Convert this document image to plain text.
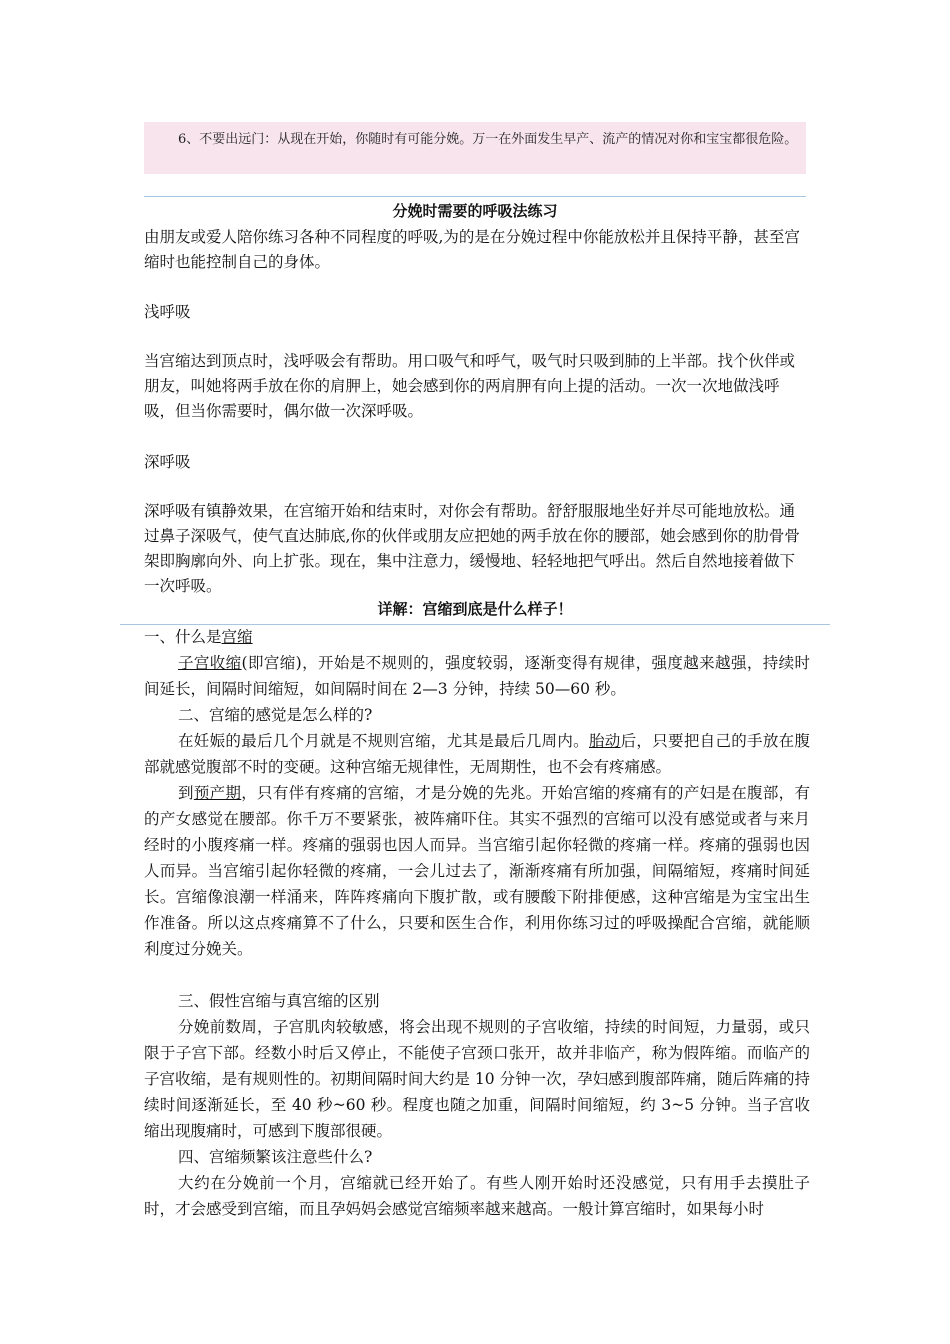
6、不要出远门：从现在开始，你随时有可能分娩。万一在外面发生早产、流产的情况对你和宝宝都很危险。
分娩时需要的呼吸法练习

由朋友或爱人陪你练习各种不同程度的呼吸,为的是在分娩过程中你能放松并且保持平静，甚至宫缩时也能控制自己的身体。

浅呼吸

当宫缩达到顶点时，浅呼吸会有帮助。用口吸气和呼气，吸气时只吸到肺的上半部。找个伙伴或朋友，叫她将两手放在你的肩胛上，她会感到你的两肩胛有向上提的活动。一次一次地做浅呼吸，但当你需要时，偶尔做一次深呼吸。

深呼吸

深呼吸有镇静效果，在宫缩开始和结束时，对你会有帮助。舒舒服服地坐好并尽可能地放松。通过鼻子深吸气，使气直达肺底,你的伙伴或朋友应把她的两手放在你的腰部，她会感到你的肋骨骨架即胸廓向外、向上扩张。现在，集中注意力，缓慢地、轻轻地把气呼出。然后自然地接着做下一次呼吸。

详解：宫缩到底是什么样子！

一、什么是宫缩

子宫收缩(即宫缩)，开始是不规则的，强度较弱，逐渐变得有规律，强度越来越强，持续时间延长，间隔时间缩短，如间隔时间在 2—3 分钟，持续 50—60 秒。

二、宫缩的感觉是怎么样的?

在妊娠的最后几个月就是不规则宫缩，尤其是最后几周内。胎动后，只要把自己的手放在腹部就感觉腹部不时的变硬。这种宫缩无规律性，无周期性，也不会有疼痛感。

到预产期，只有伴有疼痛的宫缩，才是分娩的先兆。开始宫缩的疼痛有的产妇是在腹部，有的产女感觉在腰部。你千万不要紧张，被阵痛吓住。其实不强烈的宫缩可以没有感觉或者与来月经时的小腹疼痛一样。疼痛的强弱也因人而异。当宫缩引起你轻微的疼痛一样。疼痛的强弱也因人而异。当宫缩引起你轻微的疼痛，一会儿过去了，渐渐疼痛有所加强，间隔缩短，疼痛时间延长。宫缩像浪潮一样涌来，阵阵疼痛向下腹扩散，或有腰酸下附排便感，这种宫缩是为宝宝出生作准备。所以这点疼痛算不了什么，只要和医生合作，利用你练习过的呼吸操配合宫缩，就能顺利度过分娩关。

三、假性宫缩与真宫缩的区别

分娩前数周，子宫肌肉较敏感，将会出现不规则的子宫收缩，持续的时间短，力量弱，或只限于子宫下部。经数小时后又停止，不能使子宫颈口张开，故并非临产，称为假阵缩。而临产的子宫收缩，是有规则性的。初期间隔时间大约是 10 分钟一次，孕妇感到腹部阵痛，随后阵痛的持续时间逐渐延长，至 40 秒~60 秒。程度也随之加重，间隔时间缩短，约 3~5 分钟。当子宫收缩出现腹痛时，可感到下腹部很硬。

四、宫缩频繁该注意些什么?

大约在分娩前一个月，宫缩就已经开始了。有些人刚开始时还没感觉，只有用手去摸肚子时，才会感受到宫缩，而且孕妈妈会感觉宫缩频率越来越高。一般计算宫缩时，如果每小时
